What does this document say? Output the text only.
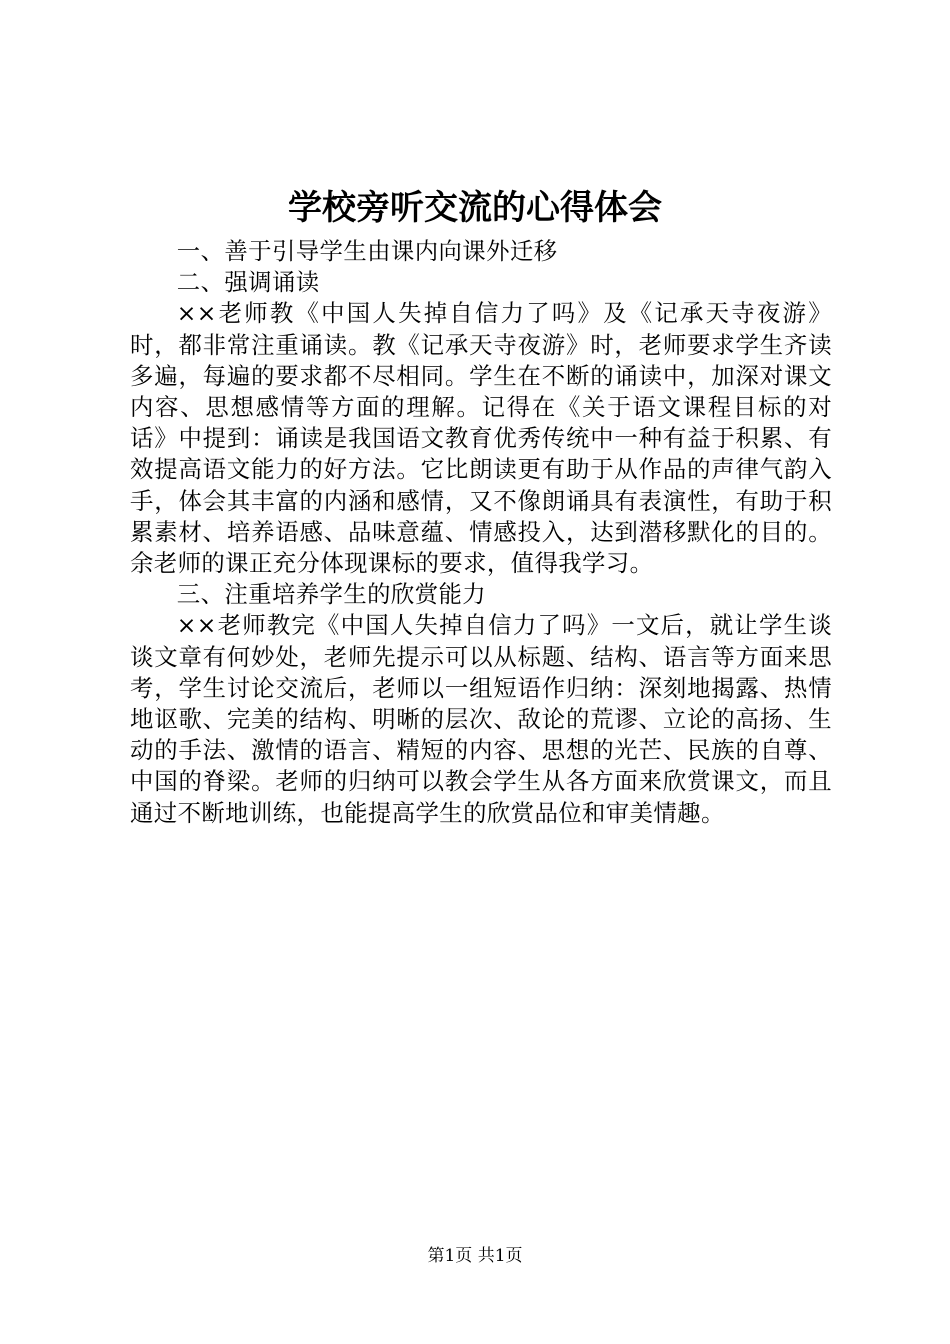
学校旁听交流的心得体会

一、善于引导学生由课内向课外迁移

二、强调诵读

××老师教《中国人失掉自信力了吗》及《记承天寺夜游》时，都非常注重诵读。教《记承天寺夜游》时，老师要求学生齐读多遍，每遍的要求都不尽相同。学生在不断的诵读中，加深对课文内容、思想感情等方面的理解。记得在《关于语文课程目标的对话》中提到：诵读是我国语文教育优秀传统中一种有益于积累、有效提高语文能力的好方法。它比朗读更有助于从作品的声律气韵入手，体会其丰富的内涵和感情，又不像朗诵具有表演性，有助于积累素材、培养语感、品味意蕴、情感投入，达到潜移默化的目的。余老师的课正充分体现课标的要求，值得我学习。

三、注重培养学生的欣赏能力

××老师教完《中国人失掉自信力了吗》一文后，就让学生谈谈文章有何妙处，老师先提示可以从标题、结构、语言等方面来思考，学生讨论交流后，老师以一组短语作归纳：深刻地揭露、热情地讴歌、完美的结构、明晰的层次、敌论的荒谬、立论的高扬、生动的手法、激情的语言、精短的内容、思想的光芒、民族的自尊、中国的脊梁。老师的归纳可以教会学生从各方面来欣赏课文，而且通过不断地训练，也能提高学生的欣赏品位和审美情趣。

第1页 共1页
